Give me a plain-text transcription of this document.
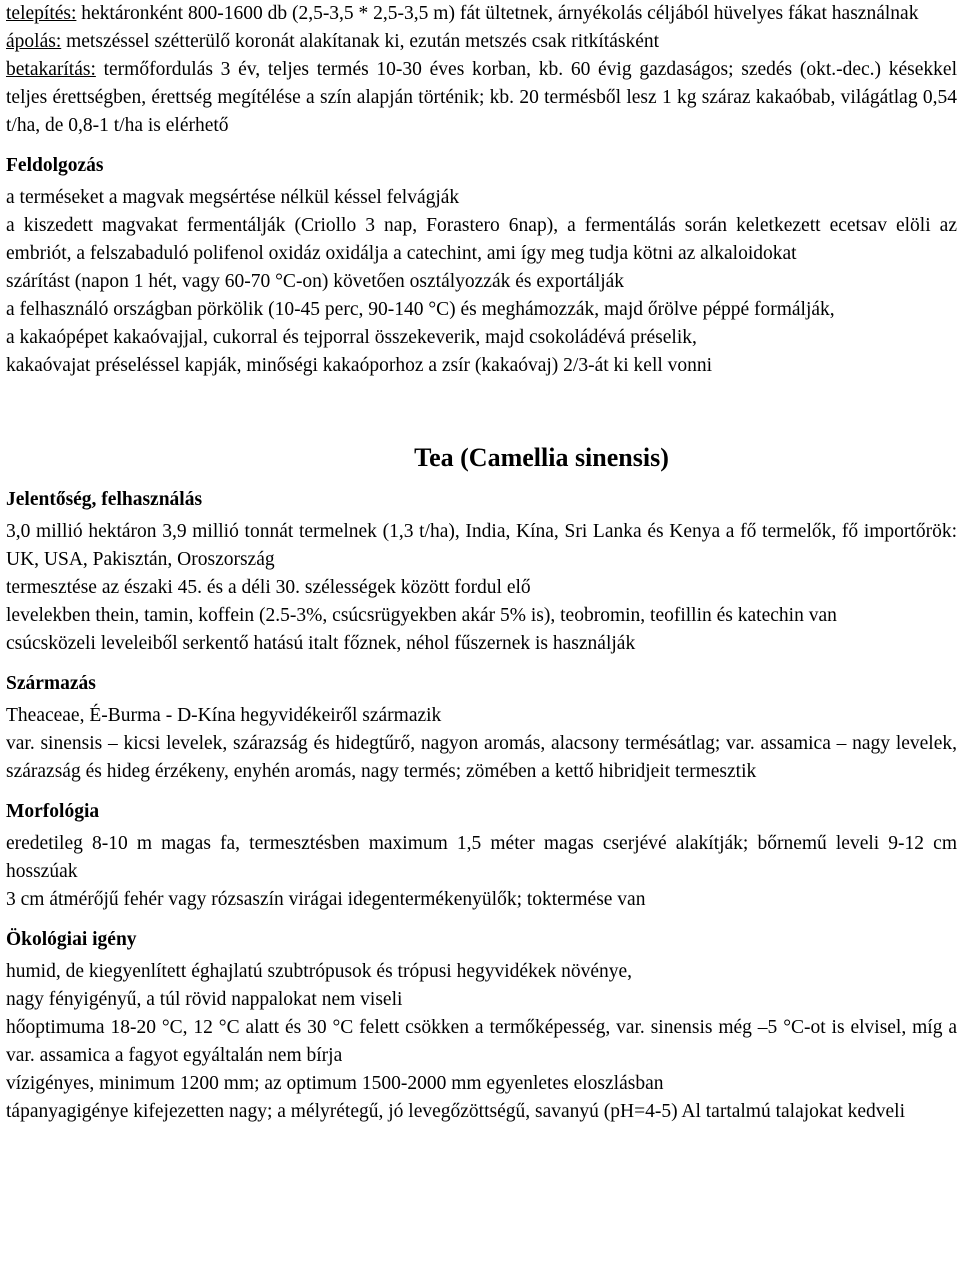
telepítés: hektáronként 800-1600 db (2,5-3,5 * 2,5-3,5 m) fát ültetnek, árnyékolás céljából hüvelyes fákat használnak

ápolás: metszéssel szétterülő koronát alakítanak ki, ezután metszés csak ritkításként

betakarítás: termőfordulás 3 év, teljes termés 10-30 éves korban, kb. 60 évig gazdaságos; szedés (okt.-dec.) késekkel teljes érettségben, érettség megítélése a szín alapján történik; kb. 20 termésből lesz 1 kg száraz kakaóbab, világátlag 0,54 t/ha, de 0,8-1 t/ha is elérhető

Feldolgozás

a terméseket a magvak megsértése nélkül késsel felvágják

a kiszedett magvakat fermentálják (Criollo 3 nap, Forastero 6nap), a fermentálás során keletkezett ecetsav elöli az embriót, a felszabaduló polifenol oxidáz oxidálja a catechint, ami így meg tudja kötni az alkaloidokat

szárítást (napon 1 hét, vagy 60-70 °C-on) követően osztályozzák és exportálják

a felhasználó országban pörkölik (10-45 perc, 90-140 °C) és meghámozzák, majd őrölve péppé formálják,

a kakaópépet kakaóvajjal, cukorral és tejporral összekeverik, majd csokoládévá préselik,

kakaóvajat préseléssel kapják, minőségi kakaóporhoz a zsír (kakaóvaj) 2/3-át ki kell vonni

Tea (Camellia sinensis)

Jelentőség, felhasználás

3,0 millió hektáron 3,9 millió tonnát termelnek (1,3 t/ha), India, Kína, Sri Lanka és Kenya a fő termelők, fő importőrök: UK, USA, Pakisztán, Oroszország

termesztése az északi 45. és a déli 30. szélességek között fordul elő

levelekben thein, tamin, koffein (2.5-3%, csúcsrügyekben akár 5% is), teobromin, teofillin és katechin van

csúcsközeli leveleiből serkentő hatású italt főznek, néhol fűszernek is használják

Származás

Theaceae, É-Burma - D-Kína hegyvidékeiről származik

var. sinensis – kicsi levelek, szárazság és hidegtűrő, nagyon aromás, alacsony termésátlag; var. assamica – nagy levelek, szárazság és hideg érzékeny, enyhén aromás, nagy termés; zömében a kettő hibridjeit termesztik

Morfológia

eredetileg 8-10 m magas fa, termesztésben maximum 1,5 méter magas cserjévé alakítják; bőrnemű leveli 9-12 cm hosszúak

3 cm átmérőjű fehér vagy rózsaszín virágai idegentermékenyülők; toktermése van

Ökológiai igény

humid, de kiegyenlített éghajlatú szubtrópusok és trópusi hegyvidékek növénye,

nagy fényigényű, a túl rövid nappalokat nem viseli

hőoptimuma 18-20 °C, 12 °C alatt és 30 °C felett csökken a termőképesség, var. sinensis még –5 °C-ot is elvisel, míg a var. assamica a fagyot egyáltalán nem bírja

vízigényes, minimum 1200 mm; az optimum 1500-2000 mm egyenletes eloszlásban

tápanyagigénye kifejezetten nagy; a mélyrétegű, jó levegőzöttségű, savanyú (pH=4-5) Al tartalmú talajokat kedveli
